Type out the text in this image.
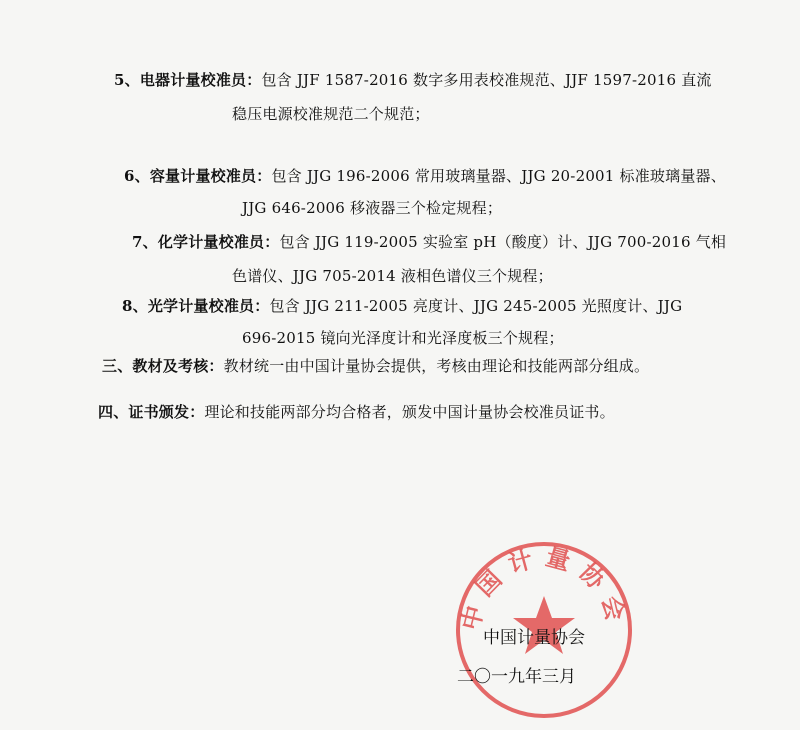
5、电器计量校准员：包含 JJF 1587-2016 数字多用表校准规范、JJF 1597-2016 直流
稳压电源校准规范二个规范；
6、容量计量校准员：包含 JJG 196-2006 常用玻璃量器、JJG 20-2001 标准玻璃量器、
JJG 646-2006 移液器三个检定规程；
7、化学计量校准员：包含 JJG 119-2005 实验室 pH（酸度）计、JJG 700-2016 气相
色谱仪、JJG 705-2014 液相色谱仪三个规程；
8、光学计量校准员：包含 JJG 211-2005 亮度计、JJG 245-2005 光照度计、JJG
696-2015 镜向光泽度计和光泽度板三个规程；
三、教材及考核：教材统一由中国计量协会提供，考核由理论和技能两部分组成。
四、证书颁发：理论和技能两部分均合格者，颁发中国计量协会校准员证书。
中国计量协会
中国计量协会
二〇一九年三月
